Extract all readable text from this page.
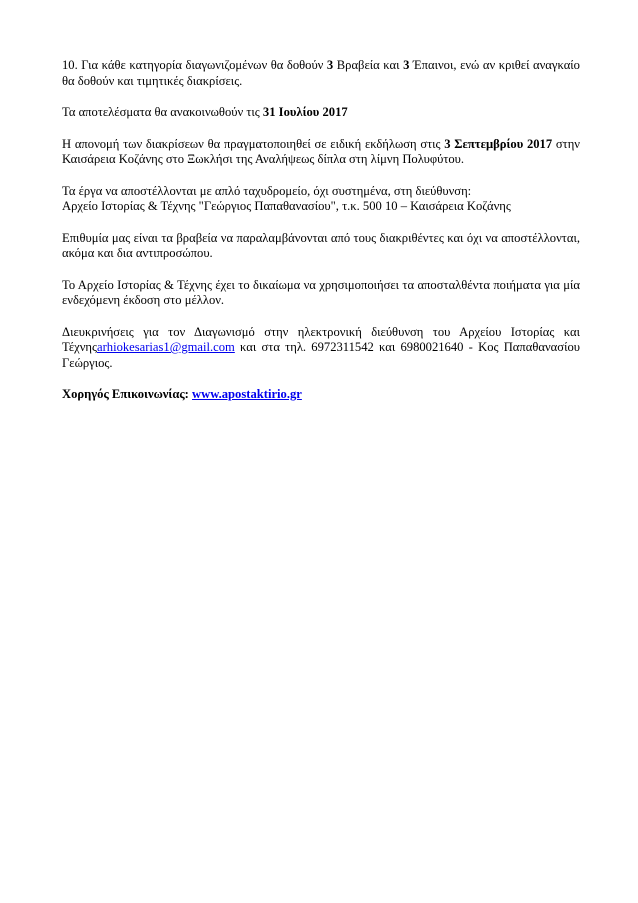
10. Για κάθε κατηγορία διαγωνιζομένων θα δοθούν 3 Βραβεία και 3 Έπαινοι, ενώ αν κριθεί αναγκαίο θα δοθούν και τιμητικές διακρίσεις.

Τα αποτελέσματα θα ανακοινωθούν τις 31 Ιουλίου 2017

Η απονομή των διακρίσεων θα πραγματοποιηθεί σε ειδική εκδήλωση στις 3 Σεπτεμβρίου 2017 στην Καισάρεια Κοζάνης στο Ξωκλήσι της Αναλήψεως δίπλα στη λίμνη Πολυφύτου.

Τα έργα να αποστέλλονται με απλό ταχυδρομείο, όχι συστημένα, στη διεύθυνση:
Αρχείο Ιστορίας & Τέχνης "Γεώργιος Παπαθανασίου", τ.κ. 500 10 – Καισάρεια Κοζάνης

Επιθυμία μας είναι τα βραβεία να παραλαμβάνονται από τους διακριθέντες και όχι να αποστέλλονται, ακόμα και δια αντιπροσώπου.

Το Αρχείο Ιστορίας & Τέχνης έχει το δικαίωμα να χρησιμοποιήσει τα αποσταλθέντα ποιήματα για μία ενδεχόμενη έκδοση στο μέλλον.

Διευκρινήσεις για τον Διαγωνισμό στην ηλεκτρονική διεύθυνση του Αρχείου Ιστορίας και Τέχνηςarhiokesarias1@gmail.com και στα τηλ. 6972311542 και 6980021640 - Κος Παπαθανασίου Γεώργιος.

Χορηγός Επικοινωνίας: www.apostaktirio.gr
